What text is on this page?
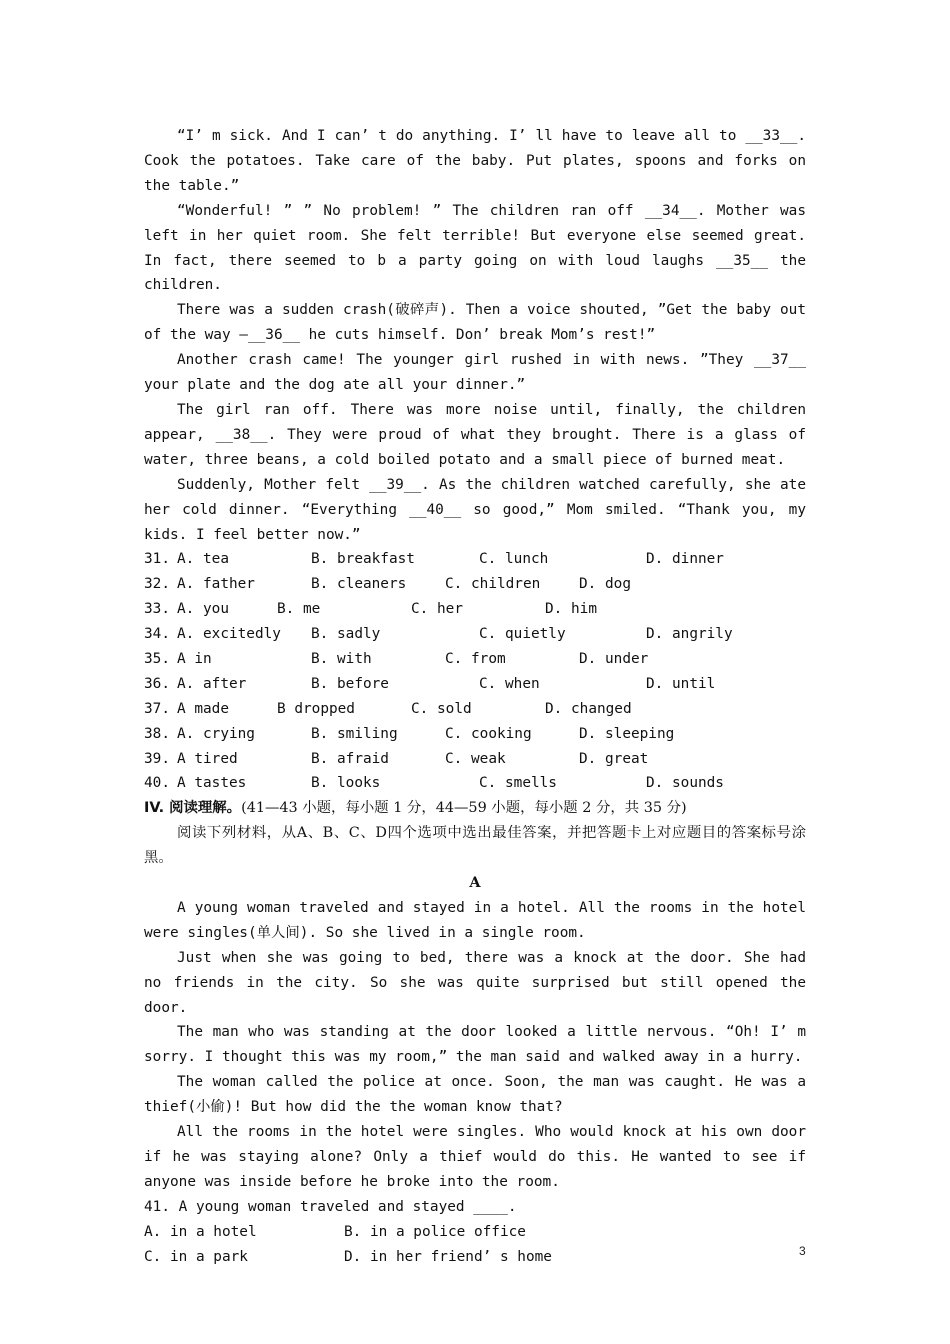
“I’ m sick. And I can’ t do anything. I’ ll have to leave all to __33__. Cook the potatoes. Take care of the baby. Put plates, spoons and forks on the table.”

“Wonderful! ” ” No problem! ” The children ran off __34__. Mother was left in her quiet room. She felt terrible! But everyone else seemed great. In fact, there seemed to b a party going on with loud laughs __35__ the children.

There was a sudden crash(破碎声). Then a voice shouted, ”Get the baby out of the way —__36__ he cuts himself. Don’ break Mom’s rest!”

Another crash came! The younger girl rushed in with news. ”They __37__ your plate and the dog ate all your dinner.”

The girl ran off. There was more noise until, finally, the children appear, __38__. They were proud of what they brought. There is a glass of water, three beans, a cold boiled potato and a small piece of burned meat.

Suddenly, Mother felt __39__. As the children watched carefully, she ate her cold dinner. “Everything __40__ so good,” Mom smiled. “Thank you, my kids. I feel better now.”

31. A. tea	B. breakfast	C. lunch	D. dinner
32. A. father	B. cleaners	C. children	D. dog
33. A. you	B. me	C. her	D. him
34. A. excitedly	B. sadly	C. quietly	D. angrily
35. A in	B. with	C. from	D. under
36. A. after	B. before	C. when	D. until
37. A made	B dropped	C. sold	D. changed
38. A. crying	B. smiling	C. cooking	D. sleeping
39. A tired	B. afraid	C. weak	D. great
40. A tastes	B. looks	C. smells	D. sounds

IV. 阅读理解。(41—43 小题，每小题 1 分，44—59 小题，每小题 2 分，共 35 分)

阅读下列材料，从A、B、C、D四个选项中选出最佳答案，并把答题卡上对应题目的答案标号涂黑。

A

A young woman traveled and stayed in a hotel. All the rooms in the hotel were singles(单人间). So she lived in a single room.

Just when she was going to bed, there was a knock at the door. She had no friends in the city. So she was quite surprised but still opened the door.

The man who was standing at the door looked a little nervous. “Oh! I’ m sorry. I thought this was my room,” the man said and walked away in a hurry.

The woman called the police at once. Soon, the man was caught. He was a thief(小偷)! But how did the the woman know that?

All the rooms in the hotel were singles. Who would knock at his own door if he was staying alone? Only a thief would do this. He wanted to see if anyone was inside before he broke into the room.

41. A young woman traveled and stayed ____.

A. in a hotel	B. in a police office
C. in a park	D. in her friend’ s home	3
